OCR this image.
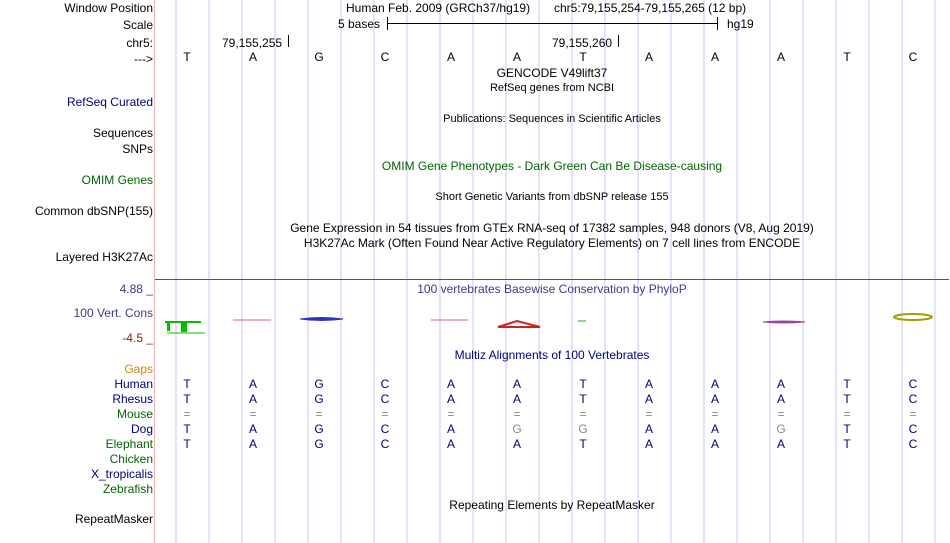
Window Position	Human Feb. 2009 (GRCh37/hg19) chr5:79,155,254-79,155,265 (12 bp)
Scale	5 bases	hg19
chr5:	79,155,255	79,155,260
--->	T	A	G	C	A	A	T	A	A	A	T	C
GENCODE V49lift37
RefSeq genes from NCBI
RefSeq Curated
Publications: Sequences in Scientific Articles
Sequences
SNPs
OMIM Gene Phenotypes - Dark Green Can Be Disease-causing
OMIM Genes
Short Genetic Variants from dbSNP release 155
Common dbSNP(155)
Gene Expression in 54 tissues from GTEx RNA-seq of 17382 samples, 948 donors (V8, Aug 2019)
H3K27Ac Mark (Often Found Near Active Regulatory Elements) on 7 cell lines from ENCODE
Layered H3K27Ac
100 vertebrates Basewise Conservation by PhyloP
4.88 _
100 Vert. Cons
-4.5 _
Multiz Alignments of 100 Vertebrates
Gaps
Human	T	A	G	C	A	A	T	A	A	A	T	C
Rhesus	T	A	G	C	A	A	T	A	A	A	T	C
Mouse	=	=	=	=	=	=	=	=	=	=	=	=
Dog	T	A	G	C	A	G	G	A	A	G	T	C
Elephant	T	A	G	C	A	A	T	A	A	A	T	C
Chicken
X_tropicalis
Zebrafish
Repeating Elements by RepeatMasker
RepeatMasker
